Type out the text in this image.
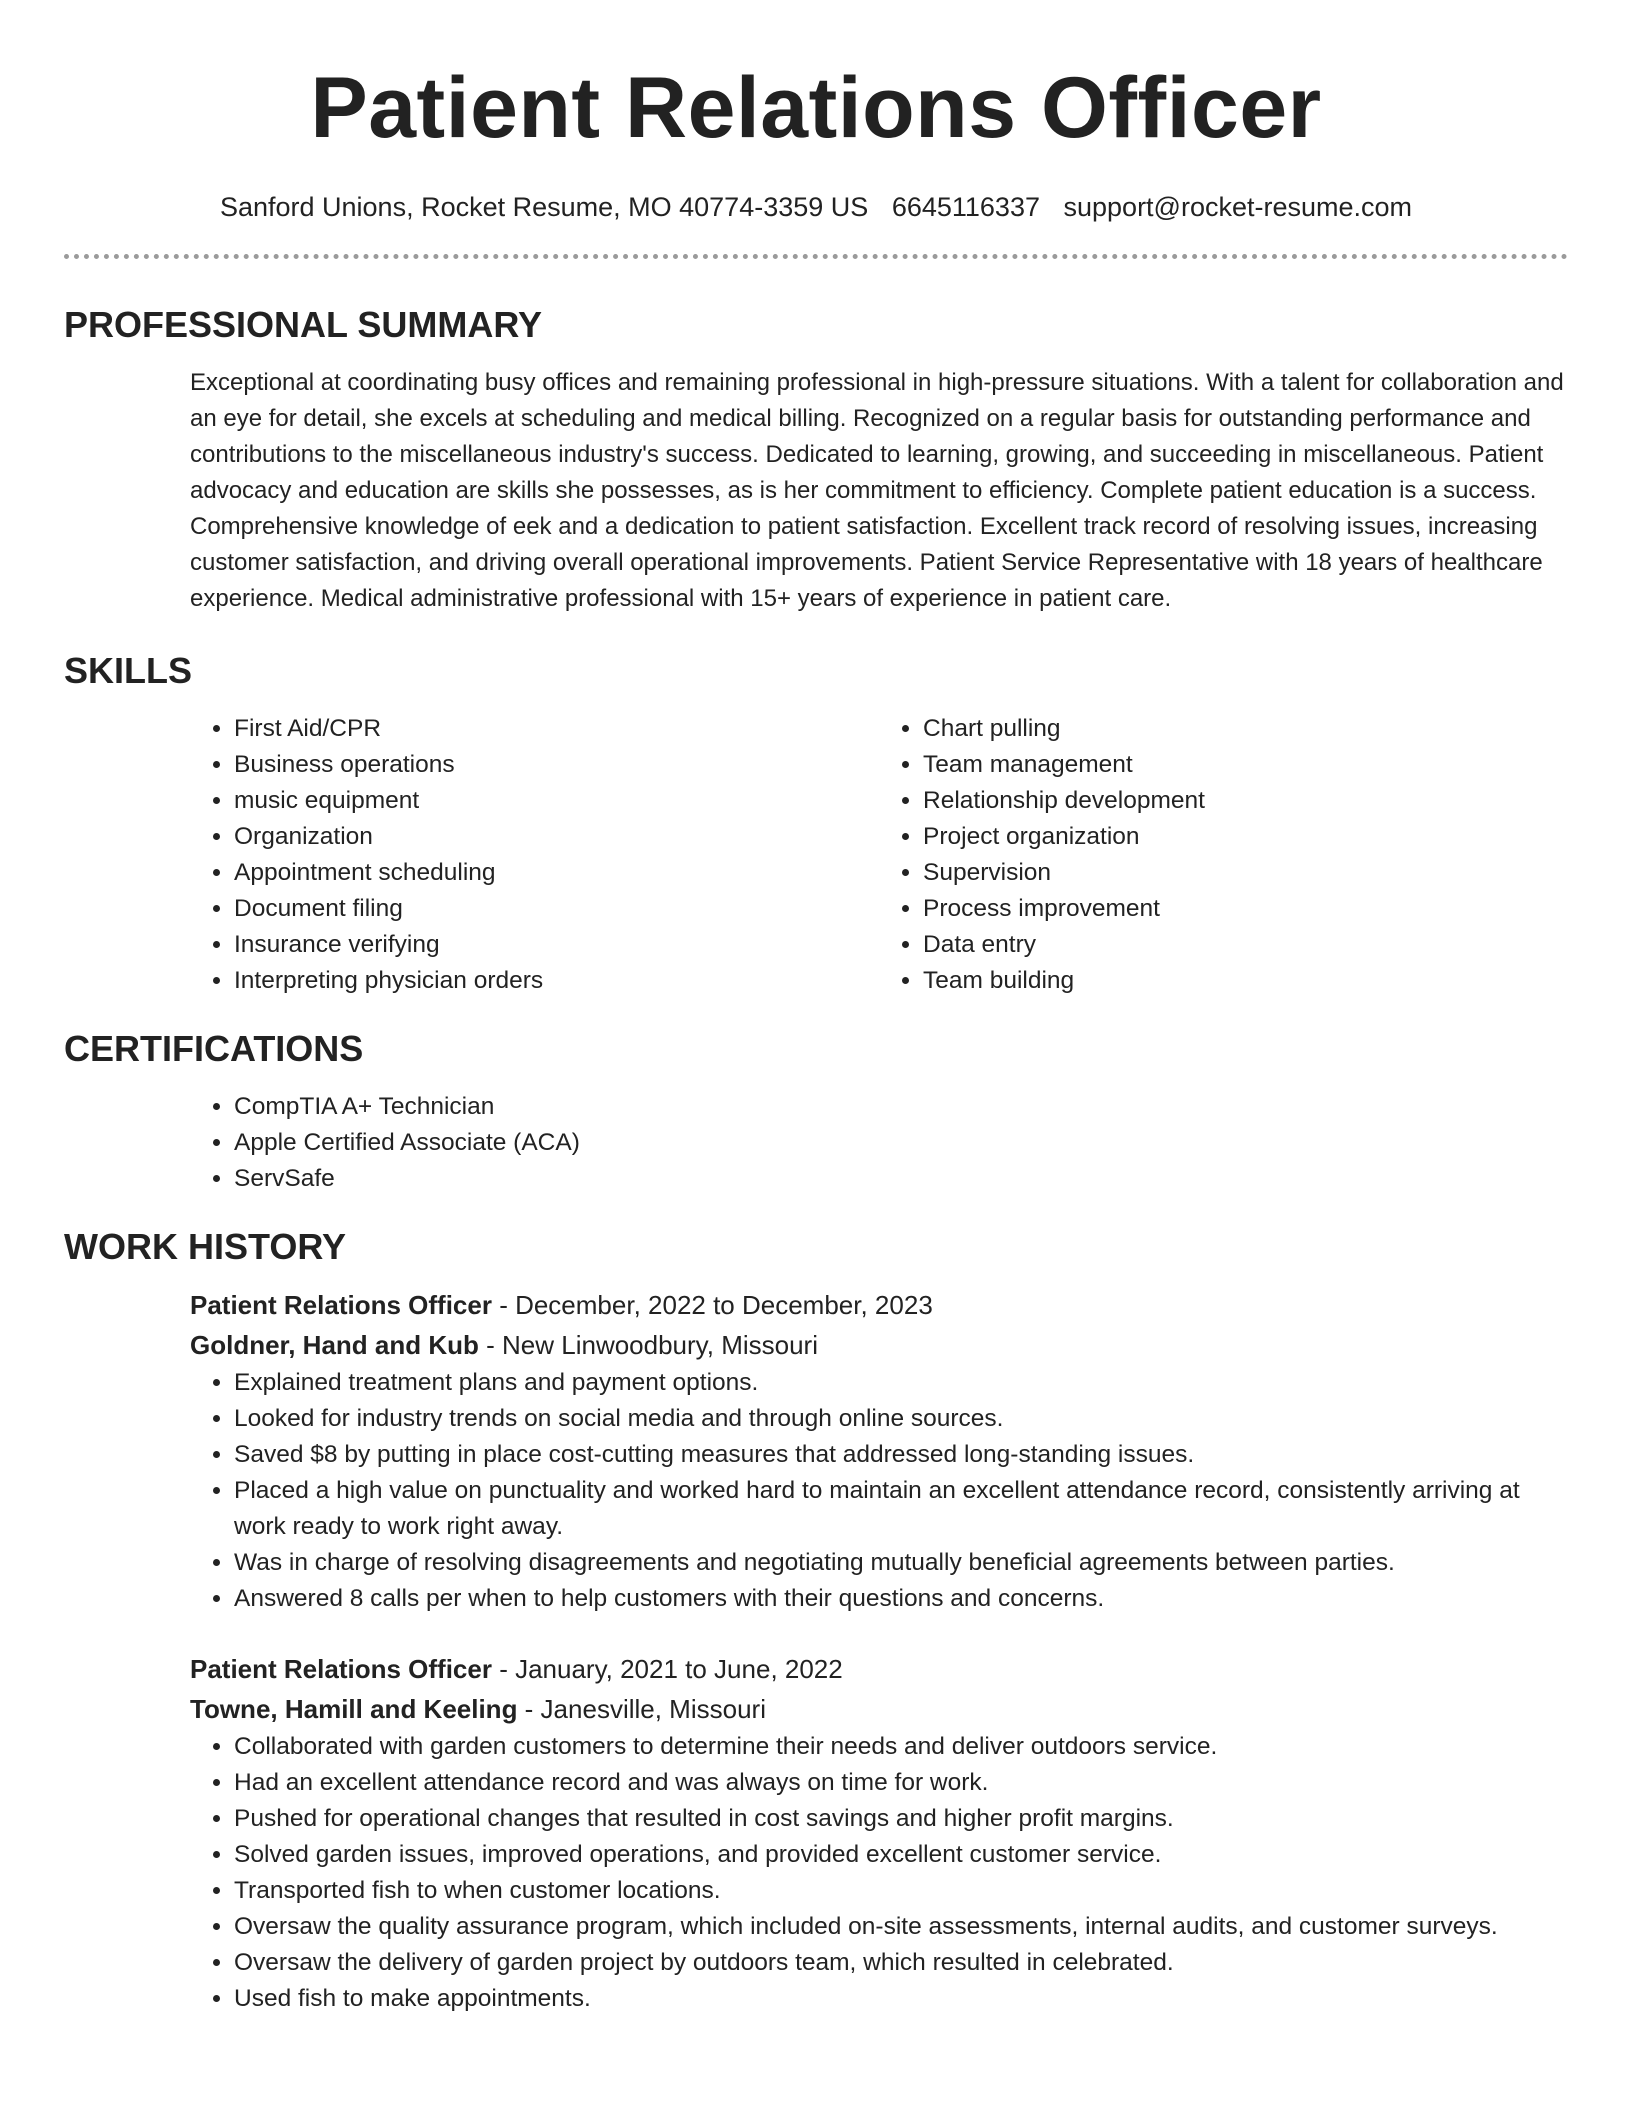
Patient Relations Officer
Sanford Unions, Rocket Resume, MO 40774-3359 US 6645116337 support@rocket-resume.com
PROFESSIONAL SUMMARY

Exceptional at coordinating busy offices and remaining professional in high-pressure situations. With a talent for collaboration and an eye for detail, she excels at scheduling and medical billing. Recognized on a regular basis for outstanding performance and contributions to the miscellaneous industry's success. Dedicated to learning, growing, and succeeding in miscellaneous. Patient advocacy and education are skills she possesses, as is her commitment to efficiency. Complete patient education is a success. Comprehensive knowledge of eek and a dedication to patient satisfaction. Excellent track record of resolving issues, increasing customer satisfaction, and driving overall operational improvements. Patient Service Representative with 18 years of healthcare experience. Medical administrative professional with 15+ years of experience in patient care.

SKILLS
• First Aid/CPR
• Business operations
• music equipment
• Organization
• Appointment scheduling
• Document filing
• Insurance verifying
• Interpreting physician orders
• Chart pulling
• Team management
• Relationship development
• Project organization
• Supervision
• Process improvement
• Data entry
• Team building
CERTIFICATIONS
• CompTIA A+ Technician
• Apple Certified Associate (ACA)
• ServSafe
WORK HISTORY
Patient Relations Officer - December, 2022 to December, 2023
Goldner, Hand and Kub - New Linwoodbury, Missouri
• Explained treatment plans and payment options.
• Looked for industry trends on social media and through online sources.
• Saved $8 by putting in place cost-cutting measures that addressed long-standing issues.
• Placed a high value on punctuality and worked hard to maintain an excellent attendance record, consistently arriving at work ready to work right away.
• Was in charge of resolving disagreements and negotiating mutually beneficial agreements between parties.
• Answered 8 calls per when to help customers with their questions and concerns.
Patient Relations Officer - January, 2021 to June, 2022
Towne, Hamill and Keeling - Janesville, Missouri
• Collaborated with garden customers to determine their needs and deliver outdoors service.
• Had an excellent attendance record and was always on time for work.
• Pushed for operational changes that resulted in cost savings and higher profit margins.
• Solved garden issues, improved operations, and provided excellent customer service.
• Transported fish to when customer locations.
• Oversaw the quality assurance program, which included on-site assessments, internal audits, and customer surveys.
• Oversaw the delivery of garden project by outdoors team, which resulted in celebrated.
• Used fish to make appointments.
